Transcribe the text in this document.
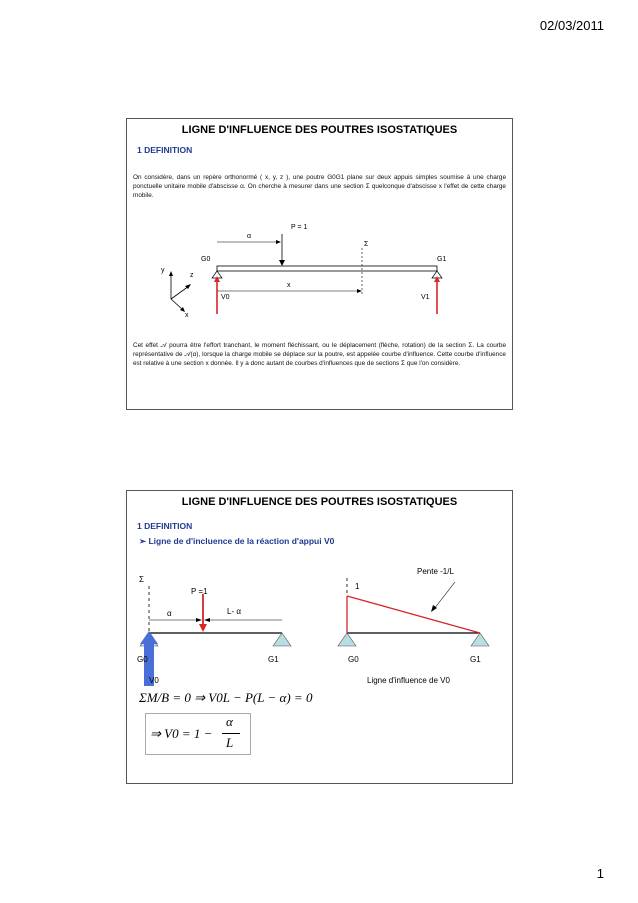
02/03/2011
LIGNE D'INFLUENCE DES POUTRES ISOSTATIQUES
1 DEFINITION
On considère, dans un repère orthonormé ( x, y, z ), une poutre G0G1 plane sur deux appuis simples soumise à une charge ponctuelle unitaire mobile d'abscisse α. On cherche à mesurer dans une section Σ quelconque d'abscisse x l'effet de cette charge mobile.
P = 1
α
Σ
y
z
x
x
G0	G1
V0	V1
Cet effet 𝒜 pourra être l'effort tranchant, le moment fléchissant, ou le déplacement (flèche, rotation) de la section Σ. La courbe représentative de 𝒜(α), lorsque la charge mobile se déplace sur la poutre, est appelée courbe d'influence. Cette courbe d'influence est relative à une section x donnée. Il y a donc autant de courbes d'influences que de sections Σ que l'on considère.
LIGNE D'INFLUENCE DES POUTRES ISOSTATIQUES
1 DEFINITION
➢ Ligne de d'incluence de la réaction d'appui V0
Σ
P =1
α	L- α
G0	G1
V0
Pente -1/L
1
G0	G1
Ligne d'influence de V0
ΣM/B = 0 ⇒ V0L − P(L − α) = 0
⇒ V0 = 1 −
α
L
1
